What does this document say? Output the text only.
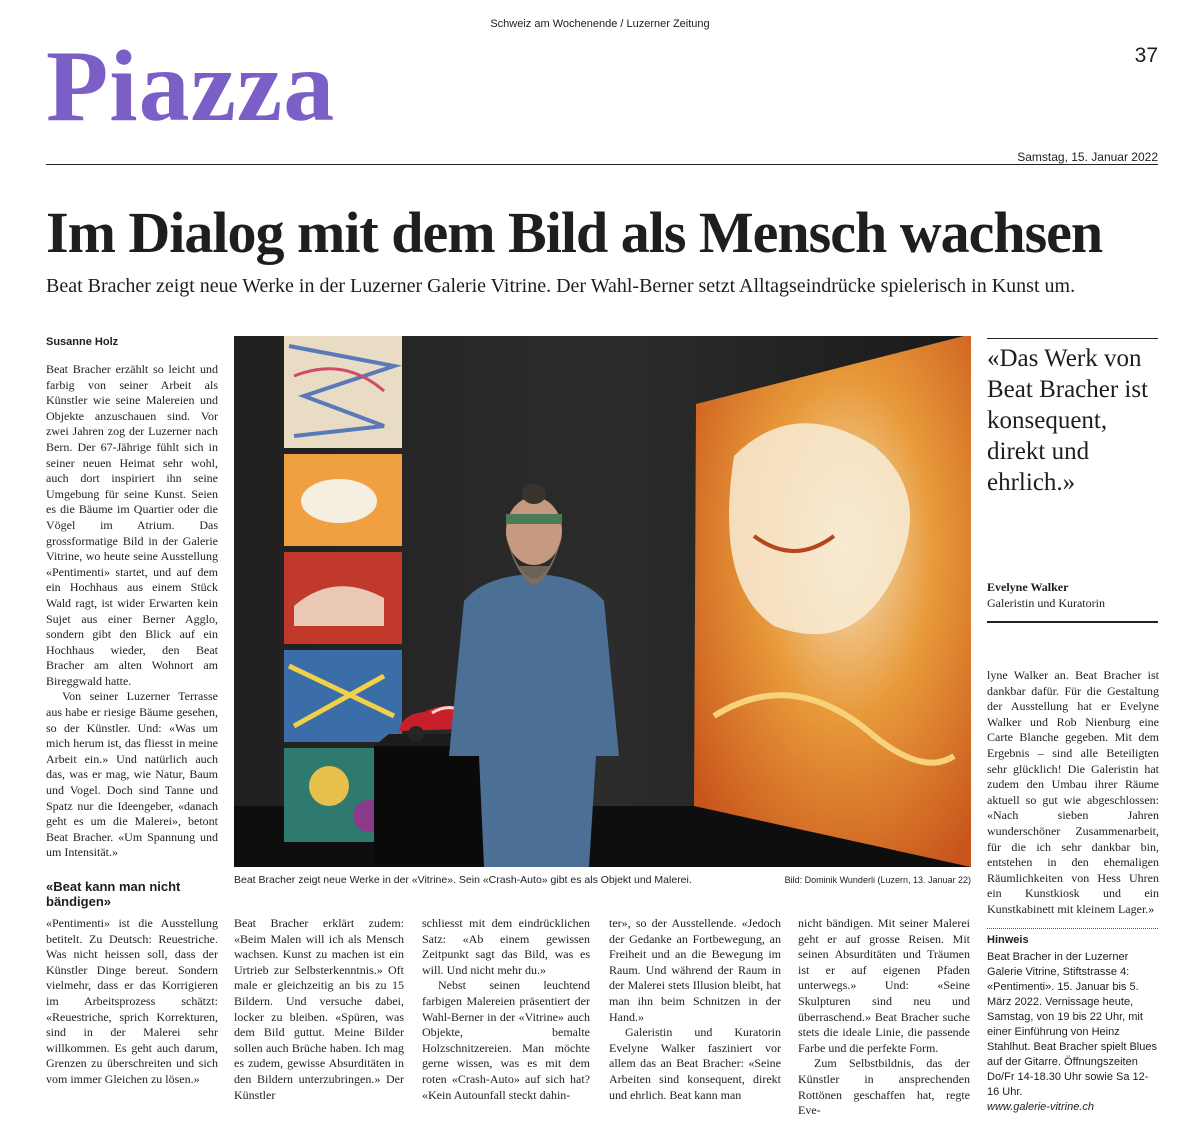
Schweiz am Wochenende / Luzerner Zeitung
Piazza	37
Samstag, 15. Januar 2022
Im Dialog mit dem Bild als Mensch wachsen
Beat Bracher zeigt neue Werke in der Luzerner Galerie Vitrine. Der Wahl-Berner setzt Alltagseindrücke spielerisch in Kunst um.
Susanne Holz

Beat Bracher erzählt so leicht und farbig von seiner Arbeit als Künstler wie seine Malereien und Objekte anzuschauen sind. Vor zwei Jahren zog der Luzerner nach Bern. Der 67-Jährige fühlt sich in seiner neuen Heimat sehr wohl, auch dort inspiriert ihn seine Umgebung für seine Kunst. Seien es die Bäume im Quartier oder die Vögel im Atrium. Das grossformatige Bild in der Galerie Vitrine, wo heute seine Ausstellung «Pentimenti» startet, und auf dem ein Hochhaus aus einem Stück Wald ragt, ist wider Erwarten kein Sujet aus einer Berner Agglo, sondern gibt den Blick auf ein Hochhaus wieder, den Beat Bracher am alten Wohnort am Bireggwald hatte.

Von seiner Luzerner Terrasse aus habe er riesige Bäume gesehen, so der Künstler. Und: «Was um mich herum ist, das fliesst in meine Arbeit ein.» Und natürlich auch das, was er mag, wie Natur, Baum und Vogel. Doch sind Tanne und Spatz nur die Ideengeber, «danach geht es um die Malerei», betont Beat Bracher. «Um Spannung und um Intensität.»

Beat Bracher zeigt neue Werke in der «Vitrine». Sein «Crash-Auto» gibt es als Objekt und Malerei.	Bild: Dominik Wunderli (Luzern, 13. Januar 22)
«Das Werk von Beat Bracher ist konsequent, direkt und ehrlich.»
Evelyne Walker
Galeristin und Kuratorin

lyne Walker an. Beat Bracher ist dankbar dafür. Für die Gestaltung der Ausstellung hat er Evelyne Walker und Rob Nienburg eine Carte Blanche gegeben. Mit dem Ergebnis – sind alle Beteiligten sehr glücklich! Die Galeristin hat zudem den Umbau ihrer Räume aktuell so gut wie abgeschlossen: «Nach sieben Jahren wunderschöner Zusammenarbeit, für die ich sehr dankbar bin, entstehen in den ehemaligen Räumlichkeiten von Hess Uhren ein Kunstkiosk und ein Kunstkabinett mit kleinem Lager.»

«Beat kann man nicht bändigen»

«Pentimenti» ist die Ausstellung betitelt. Zu Deutsch: Reuestriche. Was nicht heissen soll, dass der Künstler Dinge bereut. Sondern vielmehr, dass er das Korrigieren im Arbeitsprozess schätzt: «Reuestriche, sprich Korrekturen, sind in der Malerei sehr willkommen. Es geht auch darum, Grenzen zu überschreiten und sich vom immer Gleichen zu lösen.»

Beat Bracher erklärt zudem: «Beim Malen will ich als Mensch wachsen. Kunst zu machen ist ein Urtrieb zur Selbsterkenntnis.» Oft male er gleichzeitig an bis zu 15 Bildern. Und versuche dabei, locker zu bleiben. «Spüren, was dem Bild guttut. Meine Bilder sollen auch Brüche haben. Ich mag es zudem, gewisse Absurditäten in den Bildern unterzubringen.» Der Künstler

schliesst mit dem eindrücklichen Satz: «Ab einem gewissen Zeitpunkt sagt das Bild, was es will. Und nicht mehr du.»

Nebst seinen leuchtend farbigen Malereien präsentiert der Wahl-Berner in der «Vitrine» auch Objekte, bemalte Holzschnitzereien. Man möchte gerne wissen, was es mit dem roten «Crash-Auto» auf sich hat? «Kein Autounfall steckt dahin-

ter», so der Ausstellende. «Jedoch der Gedanke an Fortbewegung, an Freiheit und an die Bewegung im Raum. Und während der Raum in der Malerei stets Illusion bleibt, hat man ihn beim Schnitzen in der Hand.»

Galeristin und Kuratorin Evelyne Walker fasziniert vor allem das an Beat Bracher: «Seine Arbeiten sind konsequent, direkt und ehrlich. Beat kann man

nicht bändigen. Mit seiner Malerei geht er auf grosse Reisen. Mit seinen Absurditäten und Träumen ist er auf eigenen Pfaden unterwegs.» Und: «Seine Skulpturen sind neu und überraschend.» Beat Bracher suche stets die ideale Linie, die passende Farbe und die perfekte Form.

Zum Selbstbildnis, das der Künstler in ansprechenden Rottönen geschaffen hat, regte Eve-

Hinweis
Beat Bracher in der Luzerner Galerie Vitrine, Stiftstrasse 4: «Pentimenti». 15. Januar bis 5. März 2022. Vernissage heute, Samstag, von 19 bis 22 Uhr, mit einer Einführung von Heinz Stahlhut. Beat Bracher spielt Blues auf der Gitarre. Öffnungszeiten Do/Fr 14-18.30 Uhr sowie Sa 12-16 Uhr.
www.galerie-vitrine.ch
